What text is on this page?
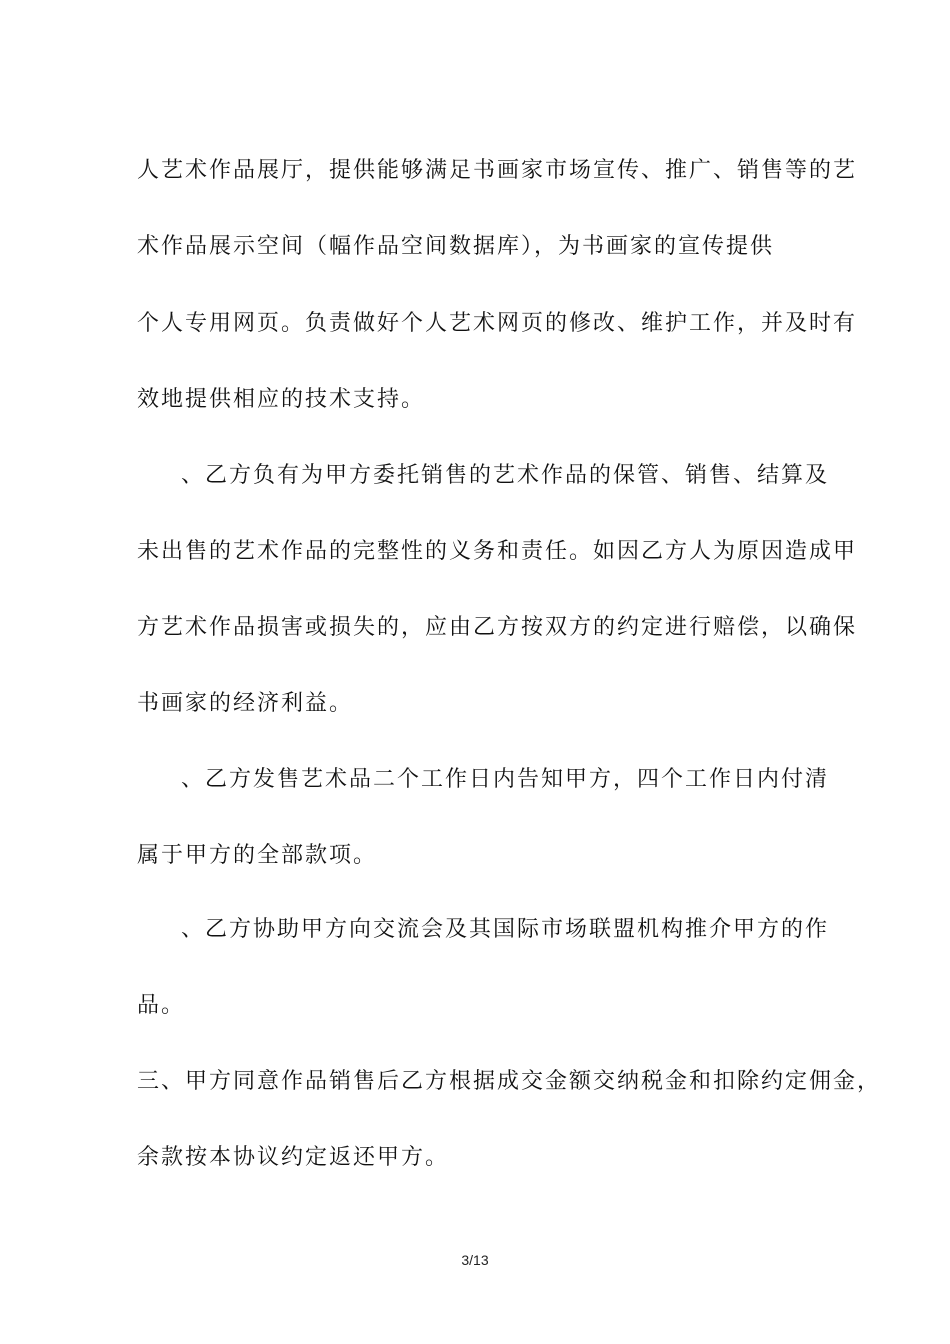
人艺术作品展厅，提供能够满足书画家市场宣传、推广、销售等的艺
术作品展示空间（幅作品空间数据库），为书画家的宣传提供
个人专用网页。负责做好个人艺术网页的修改、维护工作，并及时有
效地提供相应的技术支持。
、乙方负有为甲方委托销售的艺术作品的保管、销售、结算及
未出售的艺术作品的完整性的义务和责任。如因乙方人为原因造成甲
方艺术作品损害或损失的，应由乙方按双方的约定进行赔偿，以确保
书画家的经济利益。
、乙方发售艺术品二个工作日内告知甲方，四个工作日内付清
属于甲方的全部款项。
、乙方协助甲方向交流会及其国际市场联盟机构推介甲方的作
品。
三、甲方同意作品销售后乙方根据成交金额交纳税金和扣除约定佣金，
余款按本协议约定返还甲方。
3/13
